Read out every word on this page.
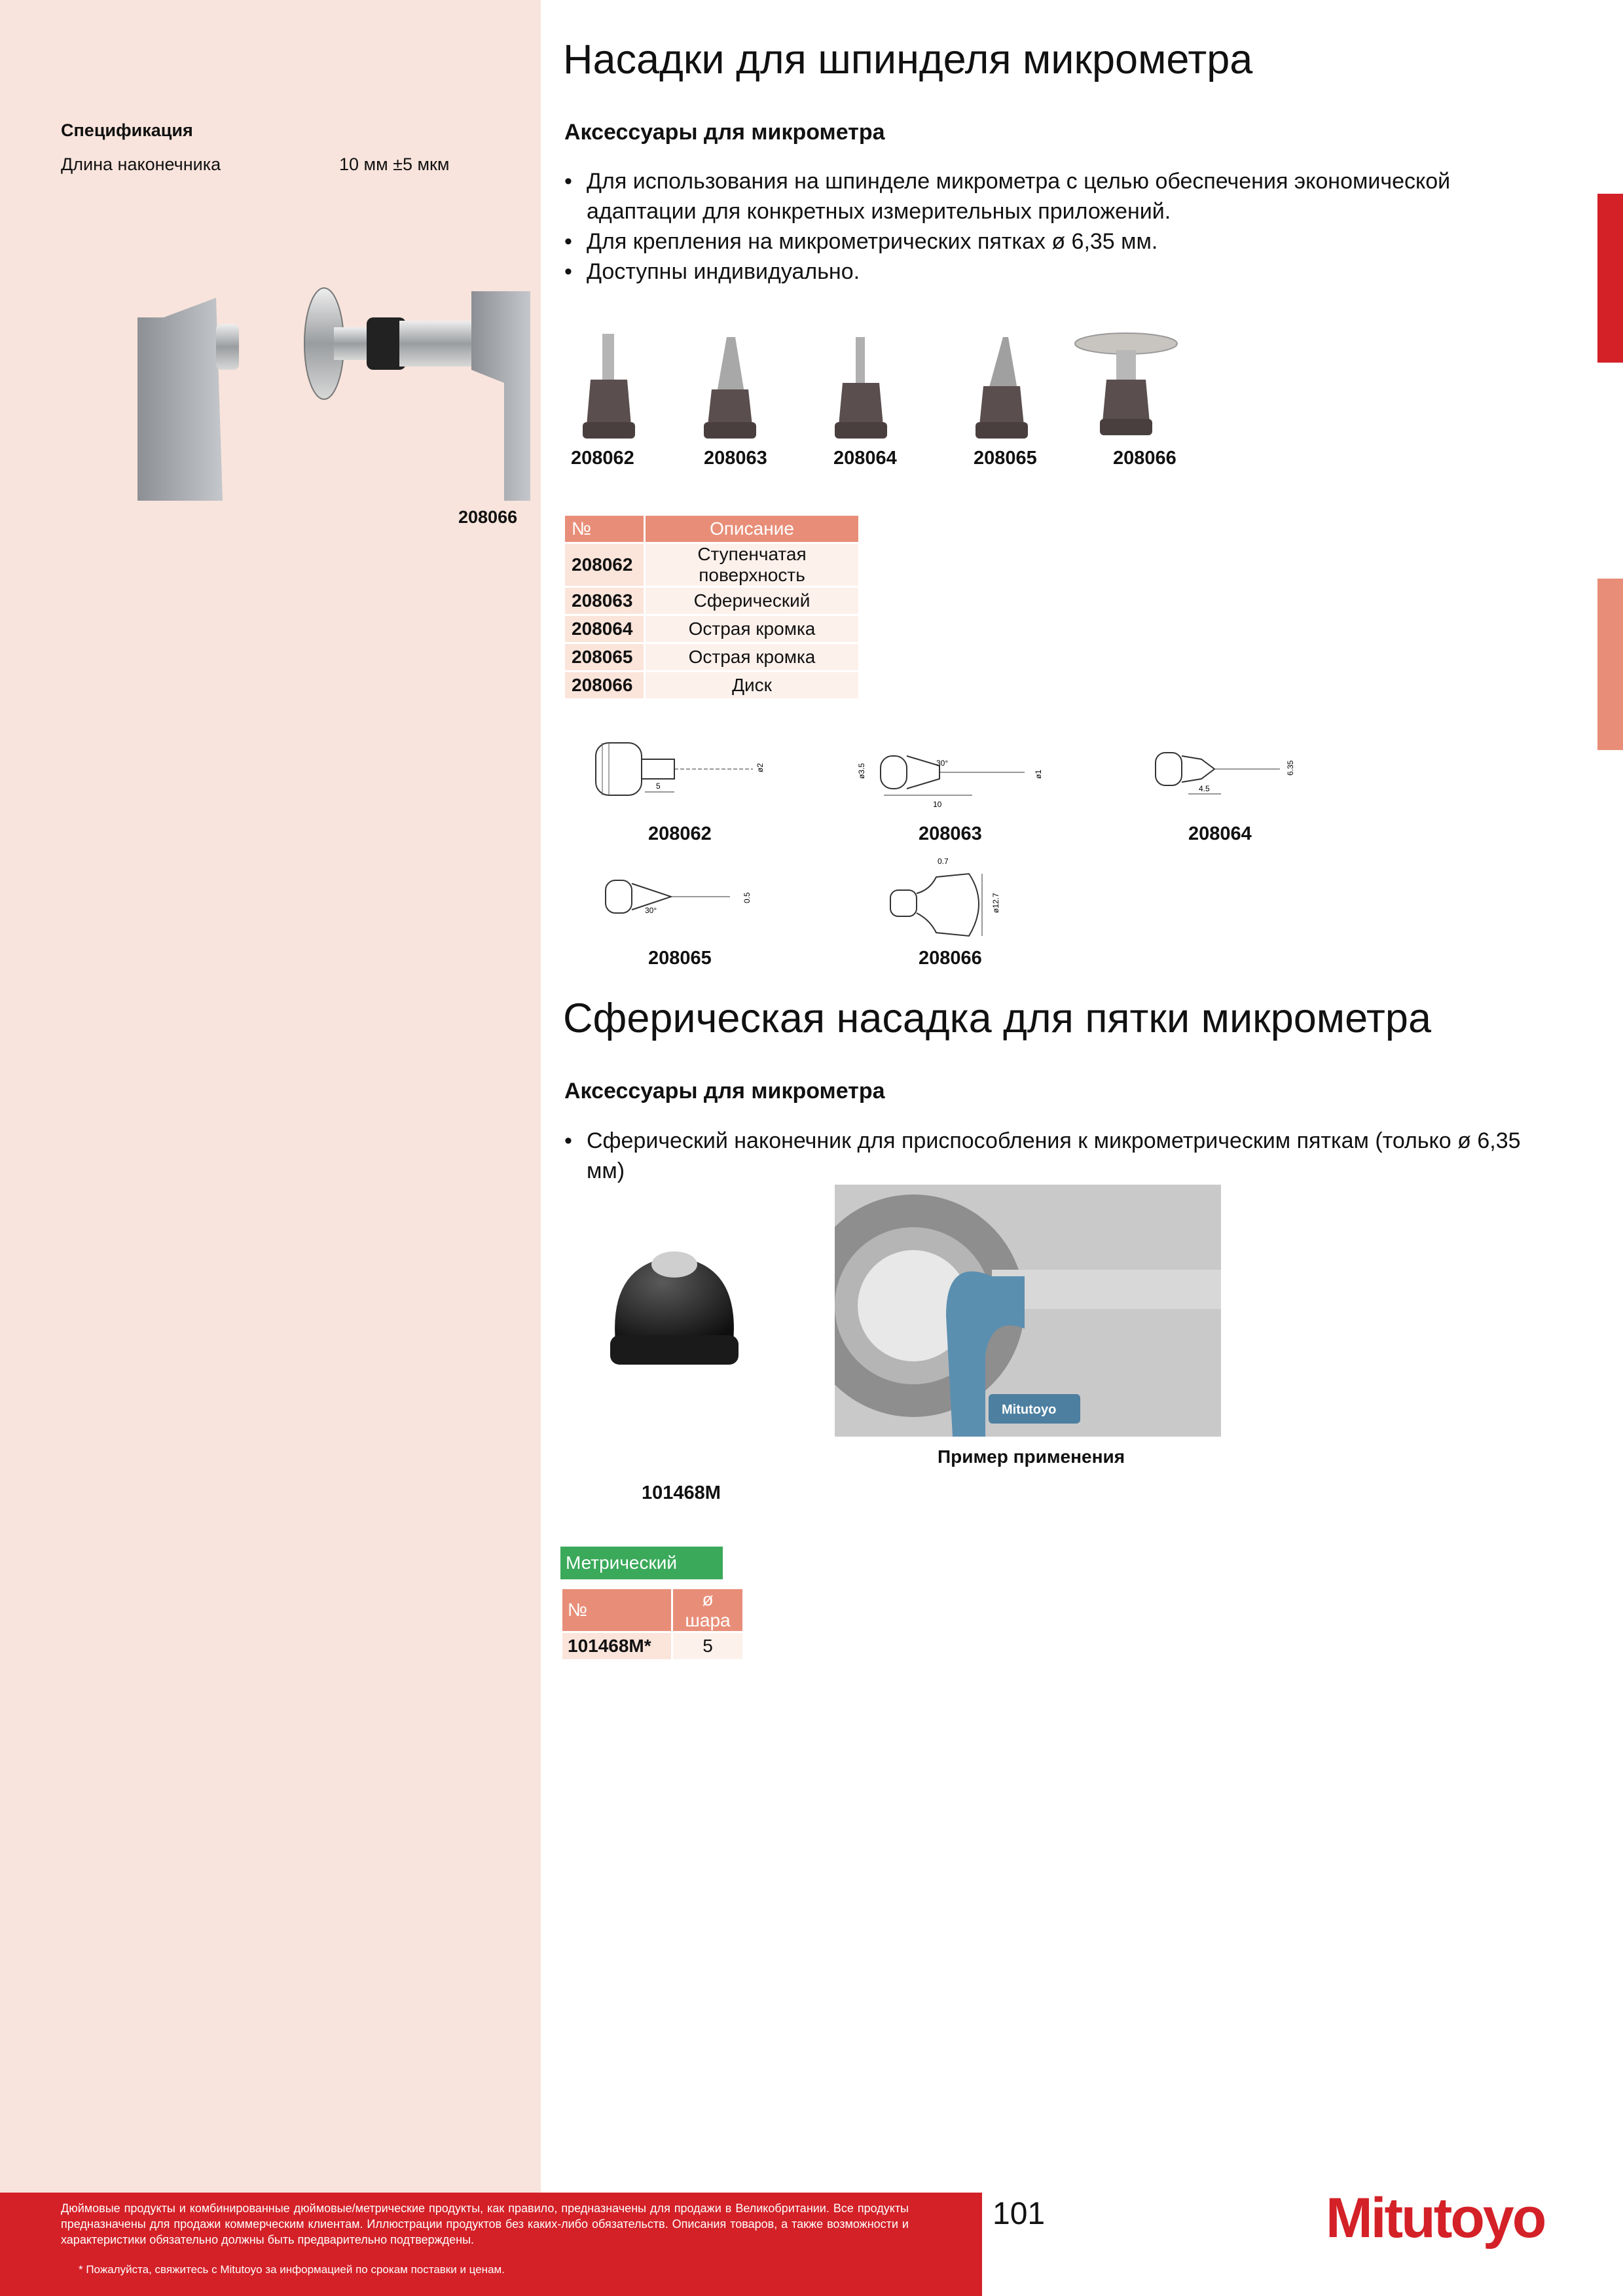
Спецификация
Длина наконечника	10 мм ±5 мкм
208066
Насадки для шпинделя микрометра
Аксессуары для микрометра
• Для использования на шпинделе микрометра с целью обеспечения экономической адаптации для конкретных измерительных приложений.
• Для крепления на микрометрических пятках ø 6,35 мм.
• Доступны индивидуально.
208062	208063	208064	208065	208066
№	Описание
208062	Ступенчатая поверхность
208063	Сферический
208064	Острая кромка
208065	Острая кромка
208066	Диск
5
ø2
208062
ø3.5	30°
10
ø1
208063
4.5
6.35
208064
30°
0.5
208065
0.7
ø12.7
208066
Сферическая насадка для пятки микрометра
Аксессуары для микрометра
• Сферический наконечник для приспособления к микрометрическим пяткам (только ø 6,35 мм)
101468M
Mitutoyo
Пример применения
Метрический
№	ø шара
101468M*	5
Дюймовые продукты и комбинированные дюймовые/метрические продукты, как правило, предназначены для продажи в Великобритании. Все продукты предназначены для продажи коммерческим клиентам. Иллюстрации продуктов без каких-либо обязательств. Описания товаров, а также возможности и характеристики обязательно должны быть предварительно подтверждены.
* Пожалуйста, свяжитесь с Mitutoyo за информацией по срокам поставки и ценам.
101	Mitutoyo
